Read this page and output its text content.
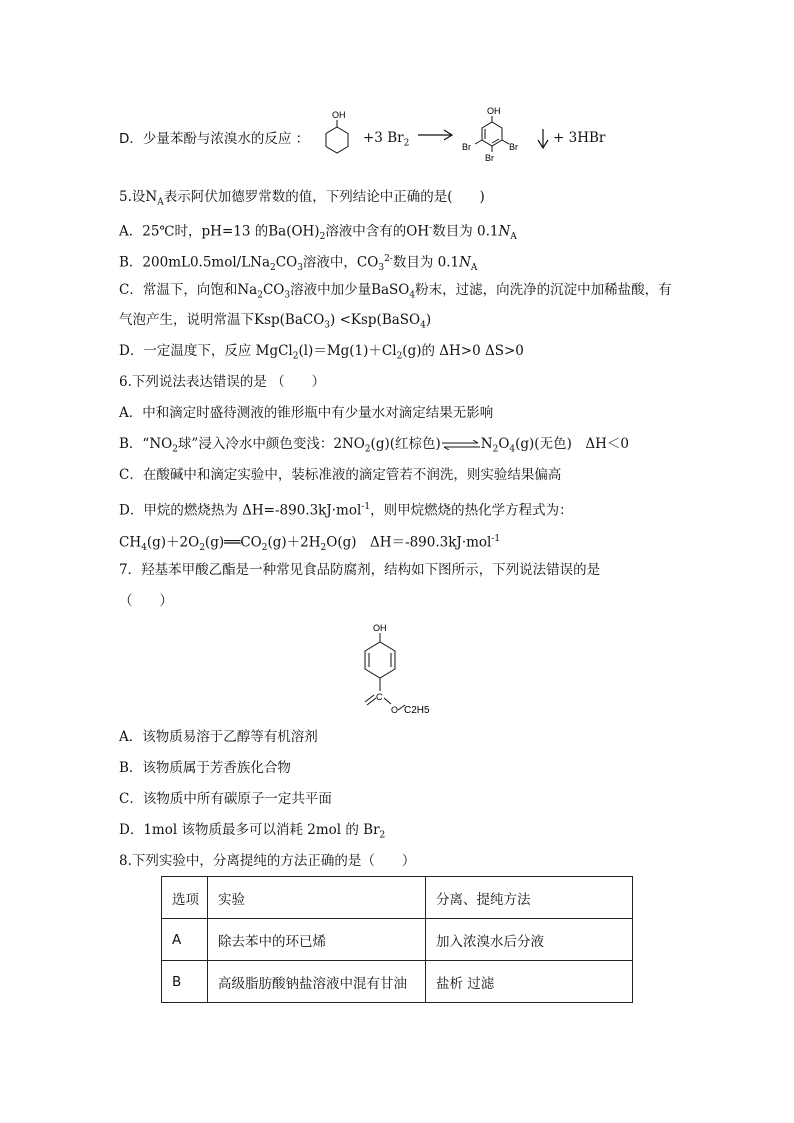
D．少量苯酚与浓溴水的反应 ：
OH
+3 $Br_2$ →
OH
Br	Br
Br
+ 3HBr
5.设$N_A$表示阿伏加德罗常数的值，下列结论中正确的是(　　)
A．25℃时，pH=13 的$Ba(OH)_2$溶液中含有的OH-数目为 $0.1N_A$
B．$200mL0.5mol/LNa_2CO_3$溶液中，$CO_3^{2-}$数目为 $0.1N_A$
C．常温下，向饱和$Na_2CO_3$溶液中加少量BaSO$_4$粉末，过滤，向洗净的沉淀中加稀盐酸，有
气泡产生，说明常温下Ksp(BaCO$_3$) <Ksp(BaSO$_4$)
D．一定温度下，反应 $MgCl_2(l)=Mg(1)+Cl_2(g)$的 ΔH>0 ΔS>0
6.下列说法表达错误的是 （　　）
A．中和滴定时盛待测液的锥形瓶中有少量水对滴定结果无影响
B．“$NO_2$球”浸入冷水中颜色变浅：$2NO_2(g)$(红棕色)$\rightleftharpoons N_2O_4(g)$(无色)　ΔH＜0
C．在酸碱中和滴定实验中，装标准液的滴定管若不润洗，则实验结果偏高
D．甲烷的燃烧热为 ΔH=-890.3kJ·mol$^{-1}$，则甲烷燃烧的热化学方程式为：
$CH_4(g)+2O_2(g)══CO_2(g)+2H_2O(g)$　ΔH＝-890.3kJ·mol$^{-1}$
7．羟基苯甲酸乙酯是一种常见食品防腐剂，结构如下图所示，下列说法错误的是
（　　）
OH
C
O C2H5
A．该物质易溶于乙醇等有机溶剂
B．该物质属于芳香族化合物
C．该物质中所有碳原子一定共平面
D．1mol 该物质最多可以消耗 2mol 的 $Br_2$
8.下列实验中，分离提纯的方法正确的是（　　）
选项	实验	分离、提纯方法
A	除去苯中的环已烯	加入浓溴水后分液
B	高级脂肪酸钠盐溶液中混有甘油	盐析 过滤
